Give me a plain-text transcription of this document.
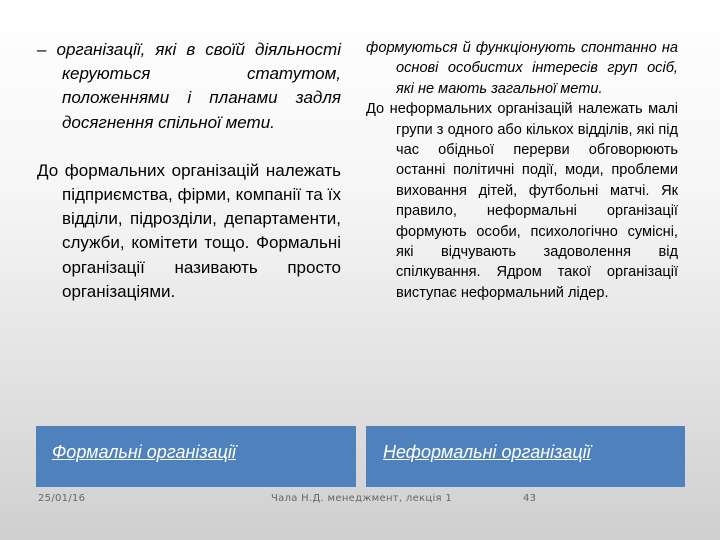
– організації, які в своїй діяльності керуються статутом, положеннями і планами задля досягнення спільної мети.

До формальних організацій належать підприємства, фірми, компанії та їх відділи, підрозділи, департаменти, служби, комітети тощо. Формальні організації називають просто організаціями.

формуються й функціонують спонтанно на основі особистих інтересів груп осіб, які не мають загальної мети.

До неформальних організацій належать малі групи з одного або кількох відділів, які під час обідньої перерви обговорюють останні політичні події, моди, проблеми виховання дітей, футбольні матчі. Як правило, неформальні організації формують особи, психологічно сумісні, які відчувають задоволення від спілкування. Ядром такої організації виступає неформальний лідер.

Формальні організації	Неформальні організації
25/01/16	Чала Н.Д. менеджмент, лекція 1	43
